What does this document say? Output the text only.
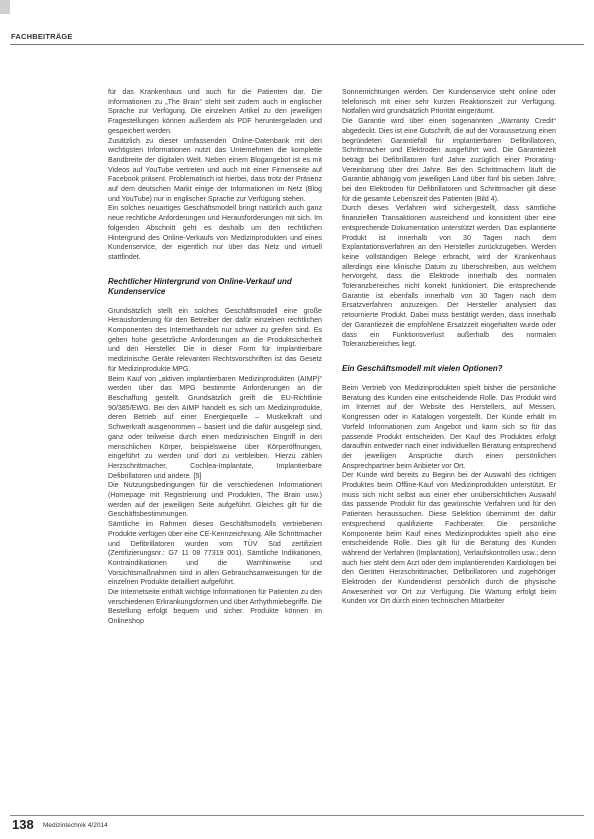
FACHBEITRÄGE

für das Krankenhaus und auch für die Patienten dar. Die Informationen zu „The Brain“ steht seit zudem auch in englischer Sprache zur Verfügung. Die einzelnen Artikel zu den jeweiligen Fragestellungen können außerdem als PDF heruntergeladen und gespeichert werden.

Zusätzlich zu dieser umfassenden Online-Datenbank mit den wichtigsten Informationen nutzt das Unternehmen die komplette Bandbreite der digitalen Welt. Neben einem Blogangebot ist es mit Videos auf YouTube vertreten und auch mit einer Firmenseite auf Facebook präsent. Problematisch ist hierbei, dass trotz der Präsenz auf dem deutschen Markt einige der Informationen im Netz (Blog und YouTube) nur in englischer Sprache zur Verfügung stehen.

Ein solches neuartiges Geschäftsmodell bringt natürlich auch ganz neue rechtliche Anforderungen und Herausforderungen mit sich. Im folgenden Abschnitt geht es deshalb um den rechtlichen Hintergrund des Online-Verkaufs von Medizinprodukten und eines Kundenservice, der eigentlich nur über das Netz und virtuell stattfindet.

Rechtlicher Hintergrund von Online-Verkauf und Kundenservice

Grundsätzlich stellt ein solches Geschäftsmodell eine große Herausforderung für den Betreiber der dafür einzelnen rechtlichen Komponenten des Internethandels nur schwer zu greifen sind. Es gelten hohe gesetzliche Anforderungen an die Produktsicherheit und den Hersteller. Die in dieser Form für implantierbare medizinische Geräte relevanten Rechtsvorschriften ist das Gesetz für Medizinprodukte MPG.

Beim Kauf von „aktiven implantierbaren Medizinprodukten (AIMP)“ werden über das MPG bestimmte Anforderungen an die Beschaffung gestellt. Grundsätzlich greift die EU-Richtlinie 90/385/EWG. Bei den AIMP handelt es sich um Medizinprodukte, deren Betrieb auf einer Energiequelle – Muskelkraft und Schwerkraft ausgenommen – basiert und die dafür ausgelegt sind, ganz oder teilweise durch einen medizinischen Eingriff in den menschlichen Körper, beispielsweise über Körperöffnungen, eingeführt zu werden und dort zu verbleiben. Hierzu zählen Herzschrittmacher, Cochlea-Implantate, Implantierbare Defibrillatoren und andere. [5]

Die Nutzungsbedingungen für die verschiedenen Informationen (Homepage mit Registrierung und Produkten, The Brain usw.) werden auf der jeweiligen Seite aufgeführt. Gleiches gilt für die Geschäftsbestimmungen.

Sämtliche im Rahmen dieses Geschäftsmodells vertriebenen Produkte verfügen über eine CE-Kennzeichnung. Alle Schrittmacher und Defibrillatoren wurden vom TÜV Süd zertifiziert (Zertifizierungsnr.: G7 11 08 77319 001). Sämtliche Indikationen, Kontraindikationen und die Warnhinweise und Vorsichtsmaßnahmen sind in allen Gebrauchsanweisungen für die einzelnen Produkte detailliert aufgeführt.

Die Internetseite enthält wichtige Informationen für Patienten zu den verschiedenen Erkrankungsformen und über Arrhythmiebegriffe. Die Bestellung erfolgt bequem und sicher. Produkte können im Onlineshop

Sonnenrichtungen werden. Der Kundenservice steht online oder telefonisch mit einer sehr kurzen Reaktionszeit zur Verfügung. Notfallen wird grundsätzlich Priorität eingeräumt.

Die Garantie wird über einen sogenannten „Warranty Credit“ abgedeckt. Dies ist eine Gutschrift, die auf der Voraussetzung einen begründeten Garantiefall für implantierbaren Defibrillatoren, Schrittmacher und Elektroden ausgeführt wird. Die Garantiezeit beträgt bei Defibrillatoren fünf Jahre zuzüglich einer Prorating-Vereinbarung über drei Jahre. Bei den Schrittmachern läuft die Garantie abhängig vom jeweiligen Land über fünf bis sieben Jahre; bei den Elektroden für Defibrillatoren und Schrittmacher gilt diese für die gesamte Lebenszeit des Patienten (Bild 4).

Durch dieses Verfahren wird sichergestellt, dass sämtliche finanziellen Transaktionen ausreichend und konsistent über eine entsprechende Dokumentation unterstützt werden. Das explantierte Produkt ist innerhalb von 30 Tagen nach dem Explantationsverfahren an den Hersteller zurückzugeben. Werden keine vollständigen Belege erbracht, wird der Krankenhaus allerdings eine klinische Datum zu überschreiben, aus welchem hervorgeht, dass die Elektrode innerhalb des normalen Toleranzbereiches nicht korrekt funktioniert. Die entsprechende Garantie ist ebenfalls innerhalb von 30 Tagen nach dem Ersatzverfahren anzuzeigen. Der Hersteller analysiert das retournierte Produkt. Dabei muss bestätigt werden, dass innerhalb der Garantiezeit die empfohlene Ersatzzeit eingehalten wurde oder dass ein Funktionsverlust außerhalb des normalen Toleranzbereiches liegt.

Ein Geschäftsmodell mit vielen Optionen?

Beim Vertrieb von Medizinprodukten spielt bisher die persönliche Beratung des Kunden eine entscheidende Rolle. Das Produkt wird im Internet auf der Website des Herstellers, auf Messen, Kongressen oder in Katalogen vorgestellt. Der Kunde erhält im Vorfeld Informationen zum Angebot und kann sich so für das passende Produkt entscheiden. Der Kauf des Produktes erfolgt daraufhin entweder nach einer individuellen Beratung entsprechend der jeweiligen Ansprüche durch einen persönlichen Ansprechpartner beim Anbieter vor Ort.

Der Kunde wird bereits zu Beginn bei der Auswahl des richtigen Produktes beim Offline-Kauf von Medizinprodukten unterstützt. Er muss sich nicht selbst aus einer eher unübersichtlichen Auswahl das passende Produkt für das gewünschte Verfahren und für den Patienten heraussuchen. Diese Selektion übernimmt der dafür entsprechend qualifizierte Fachberater. Die persönliche Komponente beim Kauf eines Medizinproduktes spielt also eine entscheidende Rolle. Dies gilt für die Beratung des Kunden während der Verfahren (Implantation), Verlaufskontrollen usw.; denn auch hier steht dem Arzt oder dem implantierenden Kardiologen bei den Geräten Herzschrittmacher, Defibrillatoren und zugehöriger Elektroden der Kundendienst persönlich durch die physische Anwesenheit vor Ort zur Verfügung. Die Wartung erfolgt beim Kunden vor Ort durch einen technischen Mitarbeiter

138 Medizintechnik 4/2014
